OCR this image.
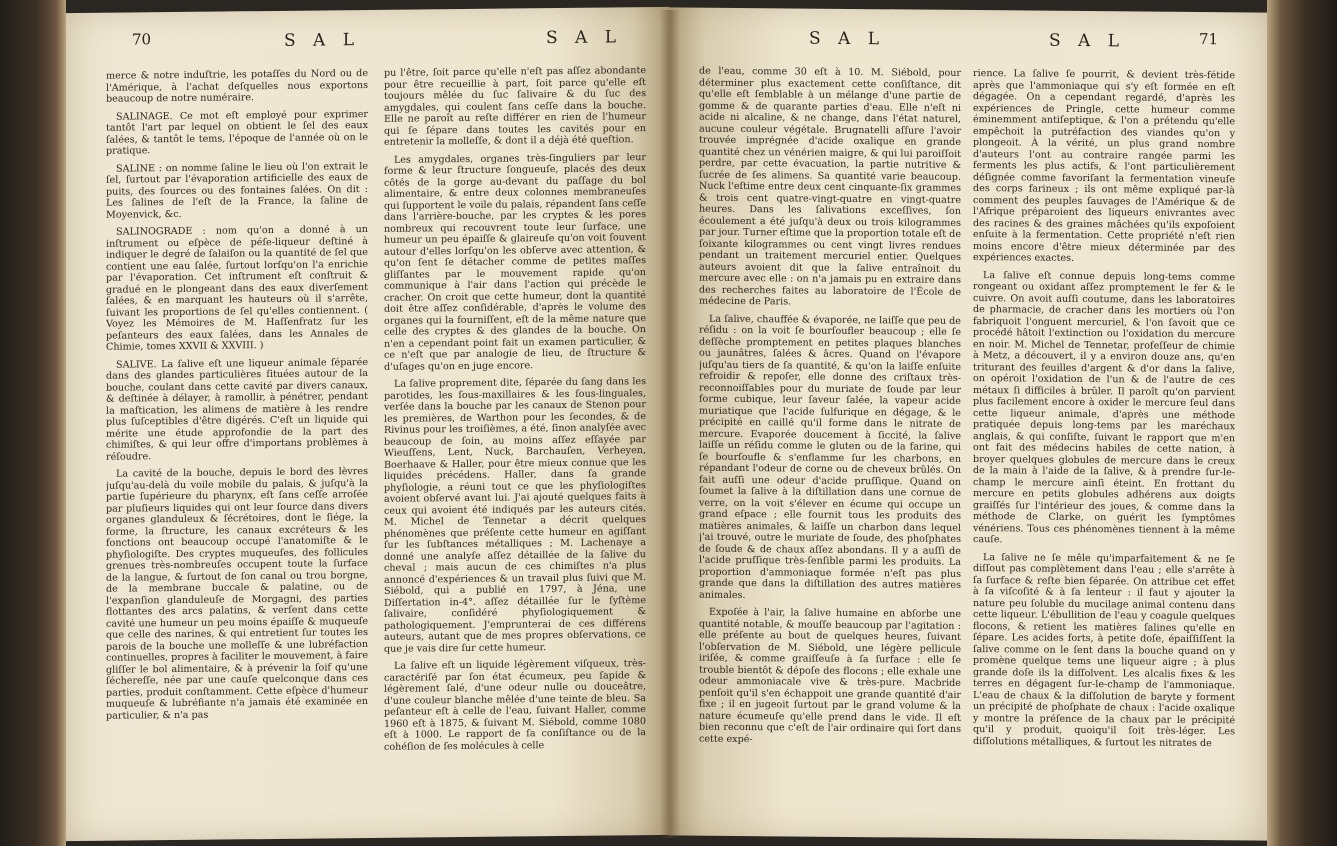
70	S A L	S A L

merce & notre induſtrie, les potaſſes du Nord ou de l'Amérique, à l'achat deſquelles nous exportons beaucoup de notre numéraire.

SALINAGE. Ce mot eſt employé pour exprimer tantôt l'art par lequel on obtient le ſel des eaux ſalées, & tantôt le tems, l'époque de l'année où on le pratique.

SALINE : on nomme ſaline le lieu où l'on extrait le ſel, ſurtout par l'évaporation artificielle des eaux de puits, des ſources ou des fontaines ſalées. On dit : Les ſalines de l'eſt de la France, la ſaline de Moyenvick, &c.

SALINOGRADE : nom qu'on a donné à un inſtrument ou eſpèce de péſe-liqueur deſtiné à indiquer le degré de ſalaiſon ou la quantité de ſel que contient une eau ſalée, ſurtout lorſqu'on l'a enrichie par l'évaporation. Cet inſtrument eſt conſtruit & gradué en le plongeant dans des eaux diverſement ſalées, & en marquant les hauteurs où il s'arrête, ſuivant les proportions de ſel qu'elles contiennent. ( Voyez les Mémoires de M. Haſſenfratz ſur les peſanteurs des eaux ſalées, dans les Annales de Chimie, tomes XXVII & XXVIII. )

SALIVE. La ſalive eſt une liqueur animale ſéparée dans des glandes particulières ſituées autour de la bouche, coulant dans cette cavité par divers canaux, & deſtinée à délayer, à ramollir, à pénétrer, pendant la maſtication, les alimens de matière à les rendre plus ſuſceptibles d'être digérés. C'eſt un liquide qui mérite une étude approfondie de la part des chimiſtes, & qui leur offre d'importans problèmes à réſoudre.

La cavité de la bouche, depuis le bord des lèvres juſqu'au-delà du voile mobile du palais, & juſqu'à la partie ſupérieure du pharynx, eſt ſans ceſſe arroſée par pluſieurs liquides qui ont leur ſource dans divers organes glanduleux & ſécrétoires, dont le ſiége, la forme, la ſtructure, les canaux excréteurs & les fonctions ont beaucoup occupé l'anatomiſte & le phyſiologiſte. Des cryptes muqueuſes, des follicules grenues très-nombreuſes occupent toute la ſurface de la langue, & ſurtout de ſon canal ou trou borgne, de la membrane buccale & palatine, ou de l'expanſion glanduleuſe de Morgagni, des parties flottantes des arcs palatins, & verſent dans cette cavité une humeur un peu moins épaiſſe & muqueuſe que celle des narines, & qui entretient ſur toutes les parois de la bouche une molleſſe & une lubréfaction continuelles, propres à faciliter le mouvement, à faire gliſſer le bol alimentaire, & à prévenir la ſoif qu'une ſéchereſſe, née par une cauſe quelconque dans ces parties, produit conſtamment. Cette eſpèce d'humeur muqueuſe & lubréfiante n'a jamais été examinée en particulier, & n'a pas

pu l'être, ſoit parce qu'elle n'eſt pas aſſez abondante pour être recueillie à part, ſoit parce qu'elle eſt toujours mêlée du ſuc ſalivaire & du ſuc des amygdales, qui coulent ſans ceſſe dans la bouche. Elle ne paroît au reſte différer en rien de l'humeur qui ſe ſépare dans toutes les cavités pour en entretenir la molleſſe, & dont il a déjà été queſtion.

Les amygdales, organes très-ſinguliers par leur forme & leur ſtructure ſongueuſe, placés des deux côtés de la gorge au-devant du paſſage du bol alimentaire, & entre deux colonnes membraneuſes qui ſupportent le voile du palais, répandent ſans ceſſe dans l'arrière-bouche, par les cryptes & les pores nombreux qui recouvrent toute leur ſurface, une humeur un peu épaiſſe & glaireuſe qu'on voit ſouvent autour d'elles lorſqu'on les obſerve avec attention, & qu'on ſent ſe détacher comme de petites maſſes gliſſantes par le mouvement rapide qu'on communique à l'air dans l'action qui précède le cracher. On croit que cette humeur, dont la quantité doit être aſſez conſidérable, d'après le volume des organes qui la fourniſſent, eſt de la même nature que celle des cryptes & des glandes de la bouche. On n'en a cependant point fait un examen particulier, & ce n'eſt que par analogie de lieu, de ſtructure & d'uſages qu'on en juge encore.

La ſalive proprement dite, ſéparée du ſang dans les parotides, les ſous-maxillaires & les ſous-linguales, verſée dans la bouche par les canaux de Stenon pour les premières, de Warthon pour les ſecondes, & de Rivinus pour les troiſièmes, a été, ſinon analyſée avec beaucoup de ſoin, au moins aſſez eſſayée par Wieuſſens, Lent, Nuck, Barchauſen, Verheyen, Boerhaave & Haller, pour être mieux connue que les liquides précédens. Haller, dans ſa grande phyſiologie, a réuni tout ce que les phyſiologiſtes avoient obſervé avant lui. J'ai ajouté quelques faits à ceux qui avoient été indiqués par les auteurs cités. M. Michel de Tennetar a décrit quelques phénomènes que préſente cette humeur en agiſſant ſur les ſubſtances métalliques ; M. Lachenaye a donné une analyſe aſſez détaillée de la ſalive du cheval ; mais aucun de ces chimiſtes n'a plus annoncé d'expériences & un travail plus ſuivi que M. Siébold, qui a publié en 1797, à Jéna, une Diſſertation in-4°. aſſez détaillée ſur le ſyſtème ſalivaire, conſidéré phyſiologiquement & pathologiquement. J'emprunterai de ces différens auteurs, autant que de mes propres obſervations, ce que je vais dire ſur cette humeur.

La ſalive eſt un liquide légèrement viſqueux, très-caractériſé par ſon état écumeux, peu ſapide & légèrement ſalé, d'une odeur nulle ou douceâtre, d'une couleur blanche mêlée d'une teinte de bleu. Sa peſanteur eſt à celle de l'eau, ſuivant Haller, comme 1960 eſt à 1875, & ſuivant M. Siébold, comme 1080 eſt à 1000. Le rapport de ſa conſiſtance ou de la cohéſion de ſes molécules à celle

S A L	S A L	71

de l'eau, comme 30 eſt à 10. M. Siébold, pour déterminer plus exactement cette conſiſtance, dit qu'elle eſt ſemblable à un mélange d'une partie de gomme & de quarante parties d'eau. Elle n'eſt ni acide ni alcaline, & ne change, dans l'état naturel, aucune couleur végétale. Brugnatelli aſſure l'avoir trouvée imprégnée d'acide oxalique en grande quantité chez un vénérien maigre, & qui lui paroiſſoit perdre, par cette évacuation, la partie nutritive & ſucrée de ſes alimens. Sa quantité varie beaucoup. Nuck l'eſtime entre deux cent cinquante-ſix grammes & trois cent quatre-vingt-quatre en vingt-quatre heures. Dans les ſalivations exceſſives, ſon écoulement a été juſqu'à deux ou trois kilogrammes par jour. Turner eſtime que la proportion totale eſt de ſoixante kilogrammes ou cent vingt livres rendues pendant un traitement mercuriel entier. Quelques auteurs avoient dit que la ſalive entraînoit du mercure avec elle : on n'a jamais pu en extraire dans des recherches faites au laboratoire de l'École de médecine de Paris.

La ſalive, chauffée & évaporée, ne laiſſe que peu de réſidu : on la voit ſe bourſoufler beaucoup ; elle ſe deſſèche promptement en petites plaques blanches ou jaunâtres, ſalées & âcres. Quand on l'évapore juſqu'au tiers de ſa quantité, & qu'on la laiſſe enſuite refroidir & repoſer, elle donne des criſtaux très-reconnoiſſables pour du muriate de ſoude par leur forme cubique, leur ſaveur ſalée, la vapeur acide muriatique que l'acide ſulfurique en dégage, & le précipité en caillé qu'il forme dans le nitrate de mercure. Evaporée doucement à ſiccité, la ſalive laiſſe un réſidu comme le gluten ou de la farine, qui ſe bourſoufle & s'enflamme ſur les charbons, en répandant l'odeur de corne ou de cheveux brûlés. On fait auſſi une odeur d'acide pruſſique. Quand on ſoumet la ſalive à la diſtillation dans une cornue de verre, on la voit s'élever en écume qui occupe un grand eſpace ; elle fournit tous les produits des matières animales, & laiſſe un charbon dans lequel j'ai trouvé, outre le muriate de ſoude, des phoſphates de ſoude & de chaux aſſez abondans. Il y a auſſi de l'acide pruſſique très-ſenſible parmi les produits. La proportion d'ammoniaque formée n'eſt pas plus grande que dans la diſtillation des autres matières animales.

Expoſée à l'air, la ſalive humaine en abſorbe une quantité notable, & mouſſe beaucoup par l'agitation : elle préſente au bout de quelques heures, ſuivant l'obſervation de M. Siébold, une légère pellicule iriſée, & comme graiſſeuſe à ſa ſurface : elle ſe trouble bientôt & dépoſe des flocons ; elle exhale une odeur ammoniacale vive & très-pure. Macbride penſoit qu'il s'en échappoit une grande quantité d'air fixe ; il en jugeoit ſurtout par le grand volume & la nature écumeuſe qu'elle prend dans le vide. Il eſt bien reconnu que c'eſt de l'air ordinaire qui ſort dans cette expé-

rience. La ſalive ſe pourrit, & devient très-fétide après que l'ammoniaque qui s'y eſt formée en eſt dégagée. On a cependant regardé, d'après les expériences de Pringle, cette humeur comme éminemment antiſeptique, & l'on a prétendu qu'elle empêchoit la putréfaction des viandes qu'on y plongeoit. À la vérité, un plus grand nombre d'auteurs l'ont au contraire rangée parmi les ferments les plus actifs, & l'ont particulièrement déſignée comme favoriſant la fermentation vineuſe des corps farineux ; ils ont même expliqué par-là comment des peuples ſauvages de l'Amérique & de l'Afrique préparoient des liqueurs enivrantes avec des racines & des graines mâchées qu'ils expoſoient enſuite à la fermentation. Cette propriété n'eſt rien moins encore d'être mieux déterminée par des expériences exactes.

La ſalive eſt connue depuis long-tems comme rongeant ou oxidant aſſez promptement le fer & le cuivre. On avoit auſſi coutume, dans les laboratoires de pharmacie, de cracher dans les mortiers où l'on fabriquoit l'onguent mercuriel, & l'on ſavoit que ce procédé hâtoit l'extinction ou l'oxidation du mercure en noir. M. Michel de Tennetar, profeſſeur de chimie à Metz, a découvert, il y a environ douze ans, qu'en triturant des feuilles d'argent & d'or dans la ſalive, on opéroit l'oxidation de l'un & de l'autre de ces métaux ſi difficiles à brûler. Il paroît qu'on parvient plus facilement encore à oxider le mercure ſeul dans cette liqueur animale, d'après une méthode pratiquée depuis long-tems par les maréchaux anglais, & qui conſiſte, ſuivant le rapport que m'en ont fait des médecins habiles de cette nation, à broyer quelques globules de mercure dans le creux de la main à l'aide de la ſalive, & à prendre ſur-le-champ le mercure ainſi éteint. En frottant du mercure en petits globules adhérens aux doigts graiſſés ſur l'intérieur des joues, & comme dans la méthode de Clarke, on guérit les ſymptômes vénériens. Tous ces phénomènes tiennent à la même cauſe.

La ſalive ne ſe mêle qu'imparfaitement & ne ſe diſſout pas complètement dans l'eau ; elle s'arrête à ſa ſurface & reſte bien ſéparée. On attribue cet effet à ſa viſcoſité & à ſa lenteur : il faut y ajouter la nature peu ſoluble du mucilage animal contenu dans cette liqueur. L'ébullition de l'eau y coagule quelques flocons, & retient les matières ſalines qu'elle en ſépare. Les acides forts, à petite doſe, épaiſſiſſent la ſalive comme on le ſent dans la bouche quand on y promène quelque tems une liqueur aigre ; à plus grande doſe ils la diſſolvent. Les alcalis fixes & les terres en dégagent ſur-le-champ de l'ammoniaque. L'eau de chaux & la diſſolution de baryte y forment un précipité de phoſphate de chaux : l'acide oxalique y montre la préſence de la chaux par le précipité qu'il y produit, quoiqu'il ſoit très-léger. Les diſſolutions métalliques, & ſurtout les nitrates de
